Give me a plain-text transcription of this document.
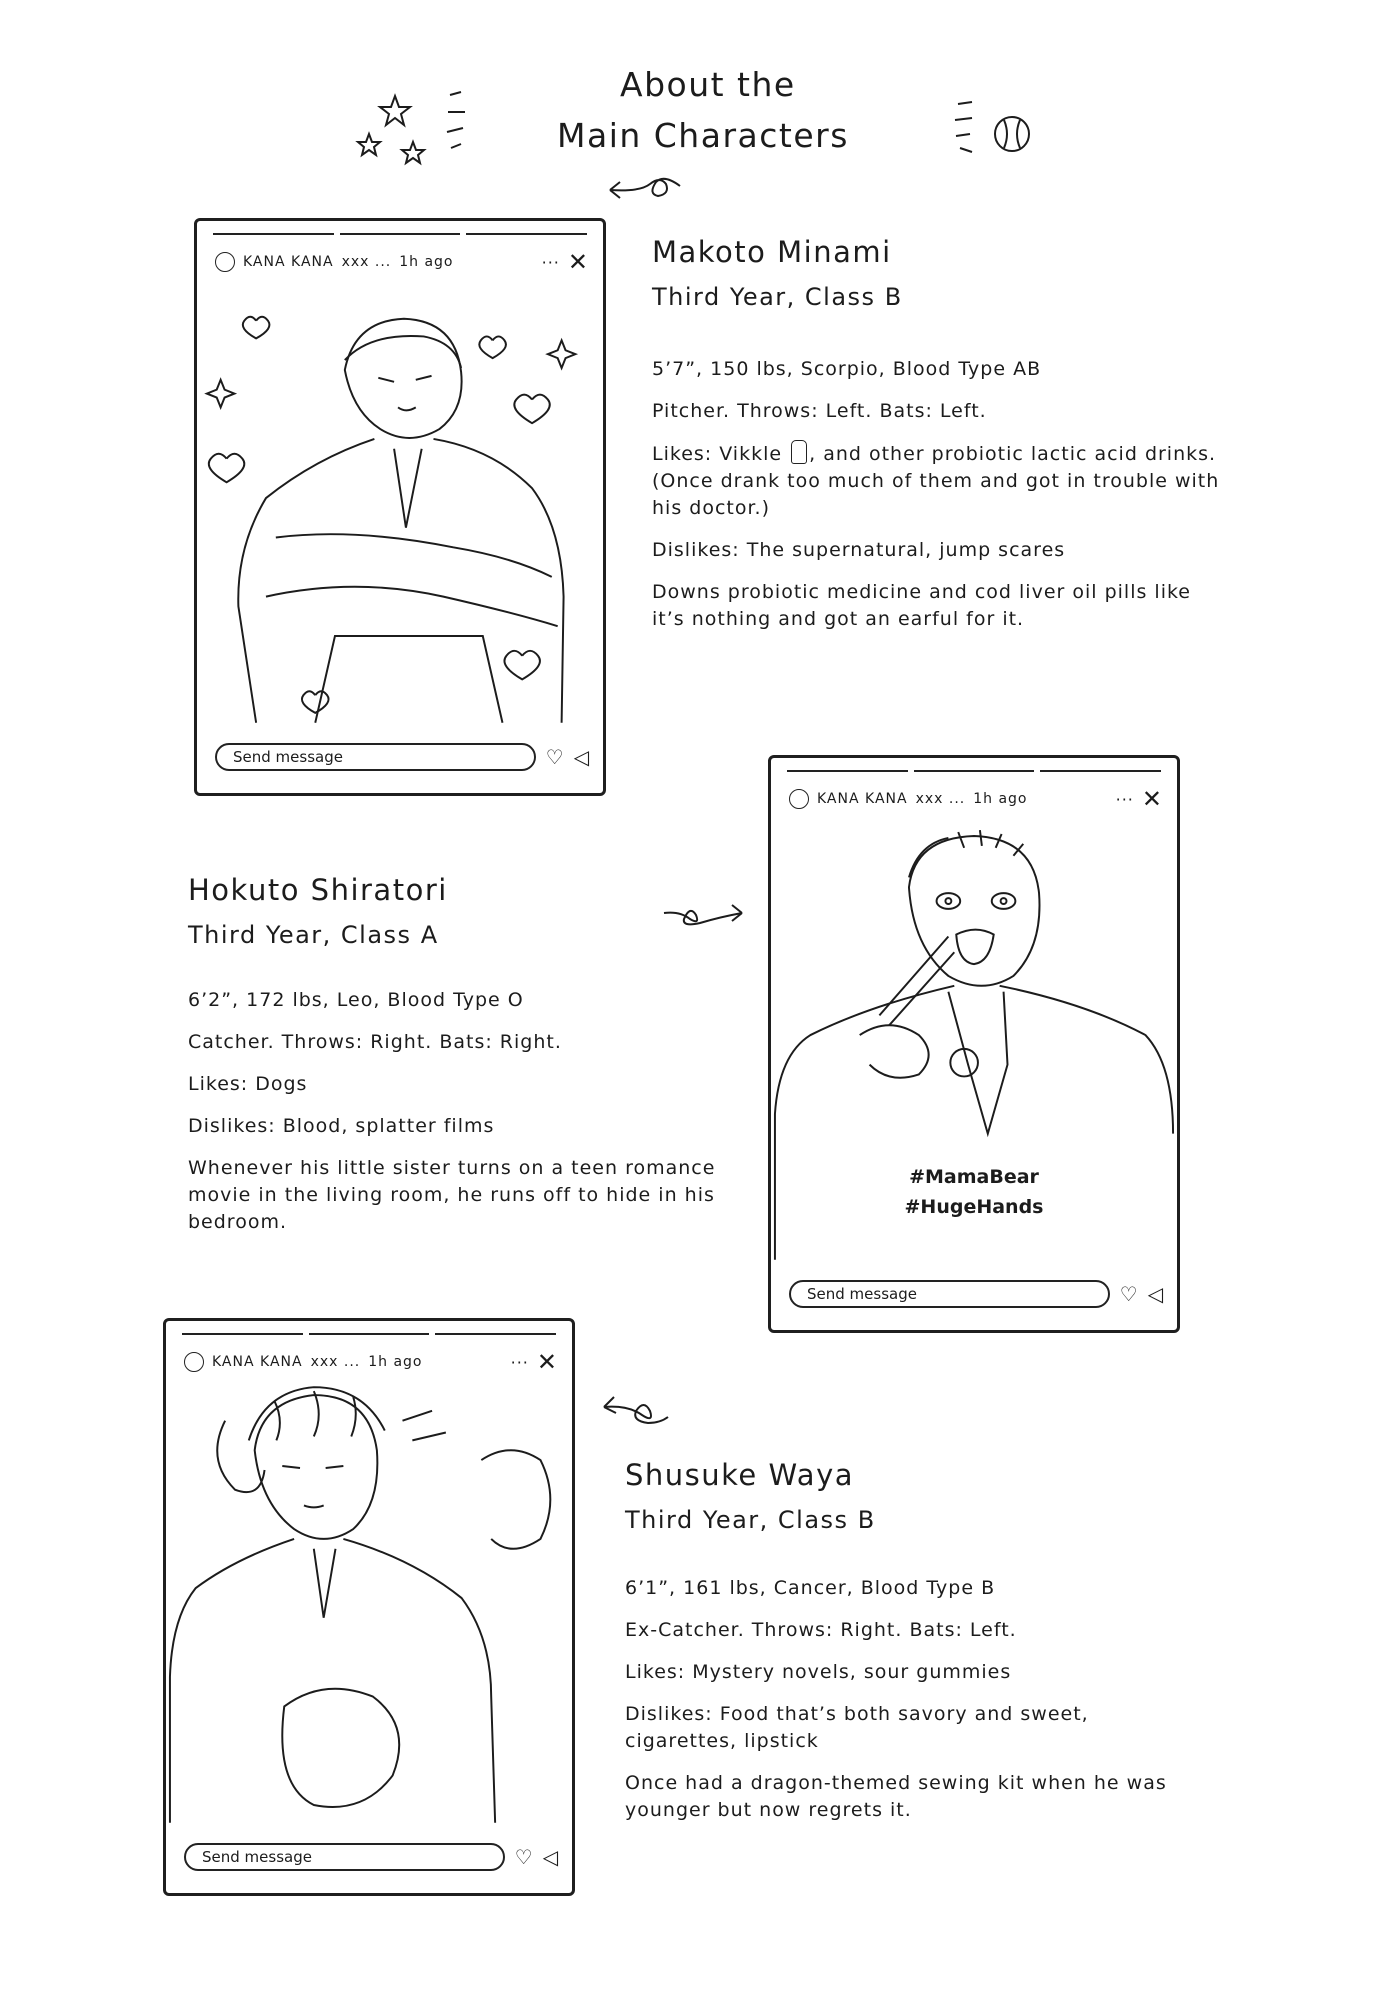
About the
Main Characters
KANA KANA xxx ... 1h ago	··· ✕
Send message	♡ ◁
Makoto Minami
Third Year, Class B

5’7”, 150 lbs, Scorpio, Blood Type AB

Pitcher. Throws: Left. Bats: Left.

Likes: Vikkle , and other probiotic lactic acid drinks. (Once drank too much of them and got in trouble with his doctor.)

Dislikes: The supernatural, jump scares

Downs probiotic medicine and cod liver oil pills like it’s nothing and got an earful for it.

Hokuto Shiratori
Third Year, Class A

6’2”, 172 lbs, Leo, Blood Type O

Catcher. Throws: Right. Bats: Right.

Likes: Dogs

Dislikes: Blood, splatter films

Whenever his little sister turns on a teen romance movie in the living room, he runs off to hide in his bedroom.

KANA KANA xxx ... 1h ago	··· ✕
#MamaBear
#HugeHands
Send message	♡ ◁
KANA KANA xxx ... 1h ago	··· ✕
Send message	♡ ◁
Shusuke Waya
Third Year, Class B

6’1”, 161 lbs, Cancer, Blood Type B

Ex-Catcher. Throws: Right. Bats: Left.

Likes: Mystery novels, sour gummies

Dislikes: Food that’s both savory and sweet, cigarettes, lipstick

Once had a dragon-themed sewing kit when he was younger but now regrets it.
